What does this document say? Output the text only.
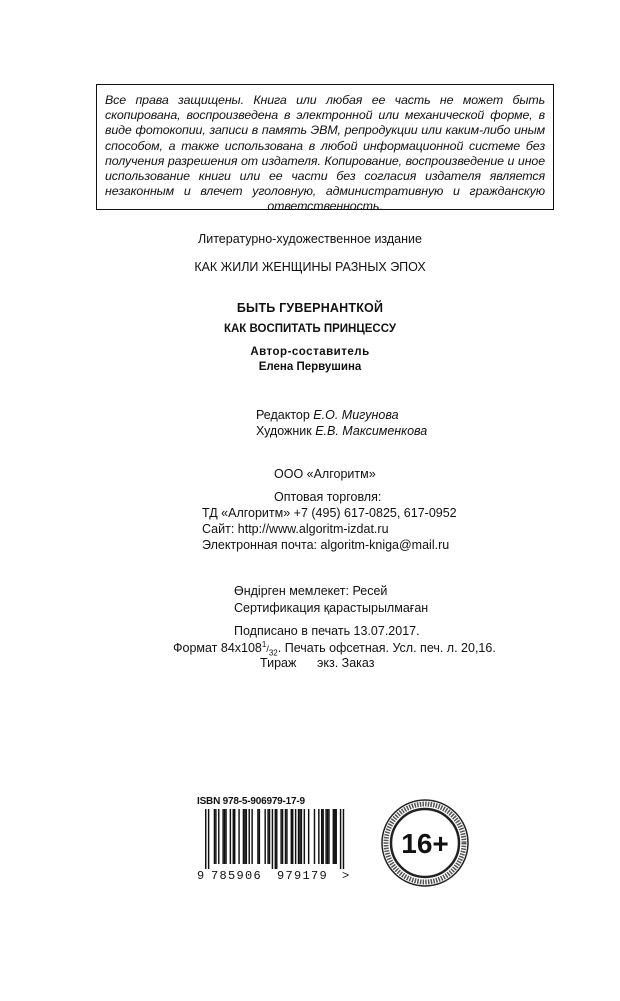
Все права защищены. Книга или любая ее часть не может быть скопирована, воспроизведена в электронной или механической форме, в виде фотокопии, записи в память ЭВМ, репродукции или каким-либо иным способом, а также использована в любой информационной системе без получения разрешения от издателя. Копирование, воспроизведение и иное использование книги или ее части без согласия издателя является незаконным и влечет уголовную, административную и гражданскую ответственность.

Литературно-художественное издание
КАК ЖИЛИ ЖЕНЩИНЫ РАЗНЫХ ЭПОХ
БЫТЬ ГУВЕРНАНТКОЙ
КАК ВОСПИТАТЬ ПРИНЦЕССУ
Автор-составитель
Елена Первушина
Редактор Е.О. Мигунова
Художник Е.В. Максименкова
ООО «Алгоритм»
Оптовая торговля:
ТД «Алгоритм» +7 (495) 617-0825, 617-0952
Сайт: http://www.algoritm-izdat.ru
Электронная почта: algoritm-kniga@mail.ru
Өндірген мемлекет: Ресей
Сертификация қарастырылмаған
Подписано в печать 13.07.2017.
Формат $84x108^1/_{32}$. Печать офсетная. Усл. печ. л. 20,16.
Тираж экз. Заказ
ISBN 978-5-906979-17-9
9 785906 979179 >
16+
